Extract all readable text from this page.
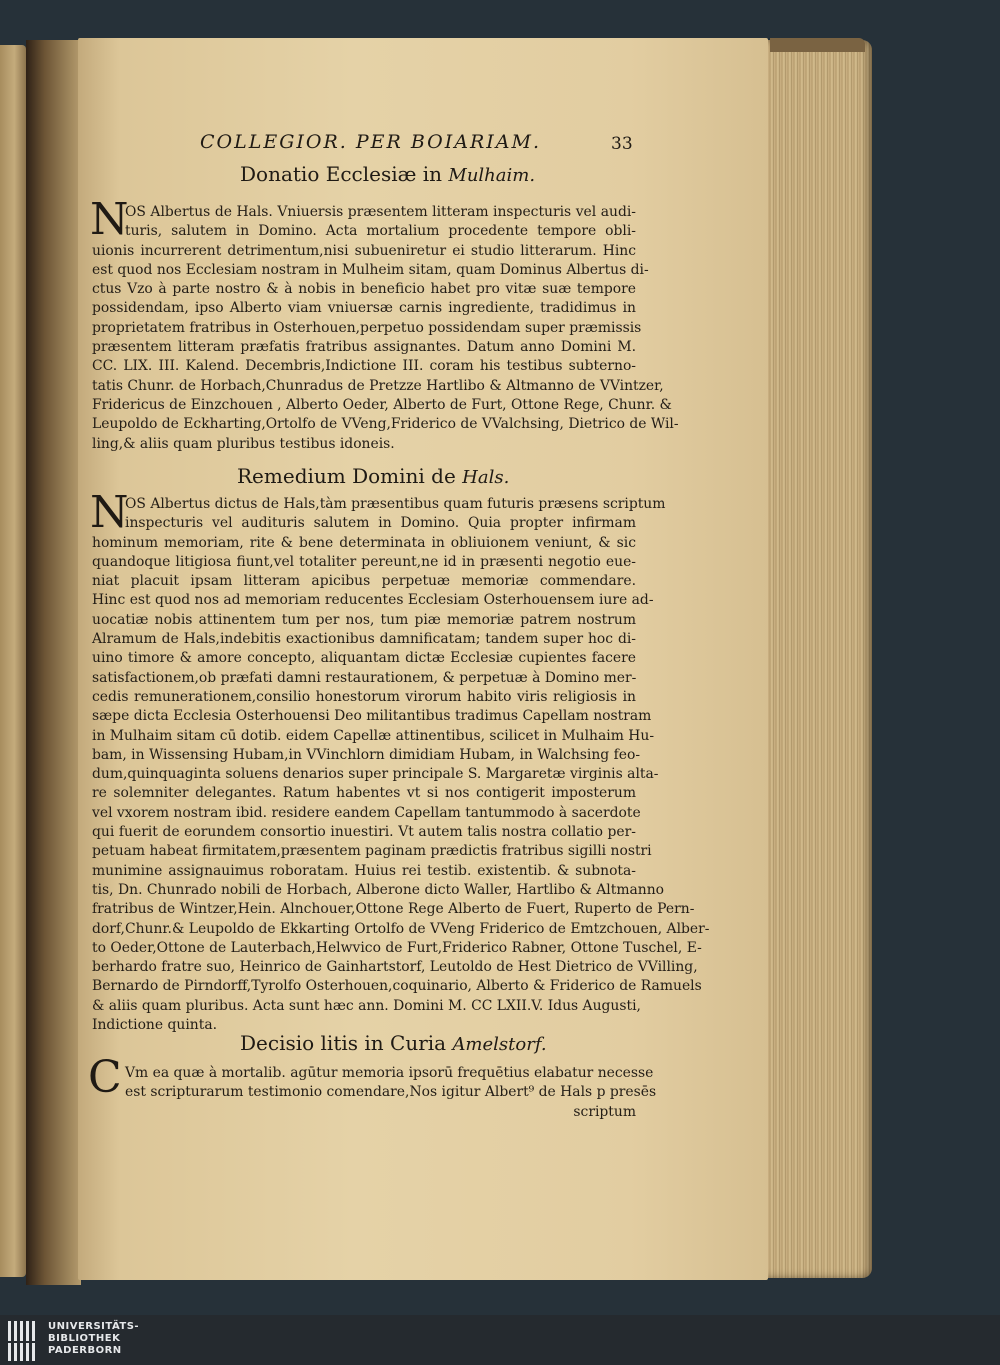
COLLEGIOR. PER BOIARIAM.	33
Donatio Ecclesiæ in Mulhaim.
N
OS Albertus de Hals. Vniuersis præsentem litteram inspecturis vel audi-
turis, salutem in Domino. Acta mortalium procedente tempore obli-
uionis incurrerent detrimentum,nisi subueniretur ei studio litterarum. Hinc
est quod nos Ecclesiam nostram in Mulheim sitam, quam Dominus Albertus di-
ctus Vzo à parte nostro & à nobis in beneficio habet pro vitæ suæ tempore
possidendam, ipso Alberto viam vniuersæ carnis ingrediente, tradidimus in
proprietatem fratribus in Osterhouen,perpetuo possidendam super præmissis
præsentem litteram præfatis fratribus assignantes. Datum anno Domini M.
CC. LIX. III. Kalend. Decembris,Indictione III. coram his testibus subterno-
tatis Chunr. de Horbach,Chunradus de Pretzze Hartlibo & Altmanno de VVintzer,
Fridericus de Einzchouen , Alberto Oeder, Alberto de Furt, Ottone Rege, Chunr. &
Leupoldo de Eckharting,Ortolfo de VVeng,Friderico de VValchsing, Dietrico de Wil-
ling,& aliis quam pluribus testibus idoneis.
Remedium Domini de Hals.
N
OS Albertus dictus de Hals,tàm præsentibus quam futuris præsens scriptum
inspecturis vel audituris salutem in Domino. Quia propter infirmam
hominum memoriam, rite & bene determinata in obliuionem veniunt, & sic
quandoque litigiosa fiunt,vel totaliter pereunt,ne id in præsenti negotio eue-
niat placuit ipsam litteram apicibus perpetuæ memoriæ commendare.
Hinc est quod nos ad memoriam reducentes Ecclesiam Osterhouensem iure ad-
uocatiæ nobis attinentem tum per nos, tum piæ memoriæ patrem nostrum
Alramum de Hals,indebitis exactionibus damnificatam; tandem super hoc di-
uino timore & amore concepto, aliquantam dictæ Ecclesiæ cupientes facere
satisfactionem,ob præfati damni restaurationem, & perpetuæ à Domino mer-
cedis remunerationem,consilio honestorum virorum habito viris religiosis in
sæpe dicta Ecclesia Osterhouensi Deo militantibus tradimus Capellam nostram
in Mulhaim sitam cū dotib. eidem Capellæ attinentibus, scilicet in Mulhaim Hu-
bam, in Wissensing Hubam,in VVinchlorn dimidiam Hubam, in Walchsing feo-
dum,quinquaginta soluens denarios super principale S. Margaretæ virginis alta-
re solemniter delegantes. Ratum habentes vt si nos contigerit imposterum
vel vxorem nostram ibid. residere eandem Capellam tantummodo à sacerdote
qui fuerit de eorundem consortio inuestiri. Vt autem talis nostra collatio per-
petuam habeat firmitatem,præsentem paginam prædictis fratribus sigilli nostri
munimine assignauimus roboratam. Huius rei testib. existentib. & subnota-
tis, Dn. Chunrado nobili de Horbach, Alberone dicto Waller, Hartlibo & Altmanno
fratribus de Wintzer,Hein. Alnchouer,Ottone Rege Alberto de Fuert, Ruperto de Pern-
dorf,Chunr.& Leupoldo de Ekkarting Ortolfo de VVeng Friderico de Emtzchouen, Alber-
to Oeder,Ottone de Lauterbach,Helwvico de Furt,Friderico Rabner, Ottone Tuschel, E-
berhardo fratre suo, Heinrico de Gainhartstorf, Leutoldo de Hest Dietrico de VVilling,
Bernardo de Pirndorff,Tyrolfo Osterhouen,coquinario, Alberto & Friderico de Ramuels
& aliis quam pluribus. Acta sunt hæc ann. Domini M. CC LXII.V. Idus Augusti,
Indictione quinta.
Decisio litis in Curia Amelstorf.
C Vm ea quæ à mortalib. agūtur memoria ipsorū frequētius elabatur necesse
est scripturarum testimonio comendare,Nos igitur Albert⁹ de Hals p presēs
scriptum
UNIVERSITÄTS-
BIBLIOTHEK
PADERBORN
